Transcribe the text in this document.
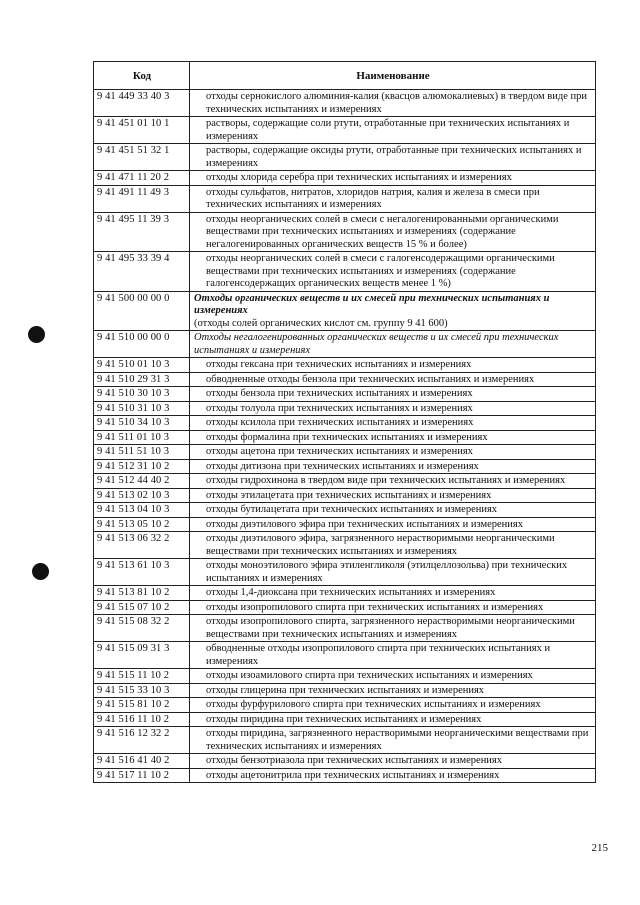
Код	Наименование
9 41 449 33 40 3	отходы сернокислого алюминия-калия (квасцов алюмокалиевых) в твердом виде при технических испытаниях и измерениях
9 41 451 01 10 1	растворы, содержащие соли ртути, отработанные при технических испытаниях и измерениях
9 41 451 51 32 1	растворы, содержащие оксиды ртути, отработанные при технических испытаниях и измерениях
9 41 471 11 20 2	отходы хлорида серебра при технических испытаниях и измерениях
9 41 491 11 49 3	отходы сульфатов, нитратов, хлоридов натрия, калия и железа в смеси при технических испытаниях и измерениях
9 41 495 11 39 3	отходы неорганических солей в смеси с негалогенированными органическими веществами при технических испытаниях и измерениях (содержание негалогенированных органических веществ 15 % и более)
9 41 495 33 39 4	отходы неорганических солей в смеси с галогенсодержащими органическими веществами при технических испытаниях и измерениях (содержание галогенсодержащих органических веществ менее 1 %)
9 41 500 00 00 0	Отходы органических веществ и их смесей при технических испытаниях и измерениях
(отходы солей органических кислот см. группу 9 41 600)

9 41 510 00 00 0	Отходы негалогенированных органических веществ и их смесей при технических испытаниях и измерениях
9 41 510 01 10 3	отходы гексана при технических испытаниях и измерениях
9 41 510 29 31 3	обводненные отходы бензола при технических испытаниях и измерениях
9 41 510 30 10 3	отходы бензола при технических испытаниях и измерениях
9 41 510 31 10 3	отходы толуола при технических испытаниях и измерениях
9 41 510 34 10 3	отходы ксилола при технических испытаниях и измерениях
9 41 511 01 10 3	отходы формалина при технических испытаниях и измерениях
9 41 511 51 10 3	отходы ацетона при технических испытаниях и измерениях
9 41 512 31 10 2	отходы дитизона при технических испытаниях и измерениях
9 41 512 44 40 2	отходы гидрохинона в твердом виде при технических испытаниях и измерениях
9 41 513 02 10 3	отходы этилацетата при технических испытаниях и измерениях
9 41 513 04 10 3	отходы бутилацетата при технических испытаниях и измерениях
9 41 513 05 10 2	отходы диэтилового эфира при технических испытаниях и измерениях
9 41 513 06 32 2	отходы диэтилового эфира, загрязненного нерастворимыми неорганическими веществами при технических испытаниях и измерениях
9 41 513 61 10 3	отходы моноэтилового эфира этиленгликоля (этилцеллозольва) при технических испытаниях и измерениях
9 41 513 81 10 2	отходы 1,4-диоксана при технических испытаниях и измерениях
9 41 515 07 10 2	отходы изопропилового спирта при технических испытаниях и измерениях
9 41 515 08 32 2	отходы изопропилового спирта, загрязненного нерастворимыми неорганическими веществами при технических испытаниях и измерениях
9 41 515 09 31 3	обводненные отходы изопропилового спирта при технических испытаниях и измерениях
9 41 515 11 10 2	отходы изоамилового спирта при технических испытаниях и измерениях
9 41 515 33 10 3	отходы глицерина при технических испытаниях и измерениях
9 41 515 81 10 2	отходы фурфурилового спирта при технических испытаниях и измерениях
9 41 516 11 10 2	отходы пиридина при технических испытаниях и измерениях
9 41 516 12 32 2	отходы пиридина, загрязненного нерастворимыми неорганическими веществами при технических испытаниях и измерениях
9 41 516 41 40 2	отходы бензотриазола при технических испытаниях и измерениях
9 41 517 11 10 2	отходы ацетонитрила при технических испытаниях и измерениях
215
